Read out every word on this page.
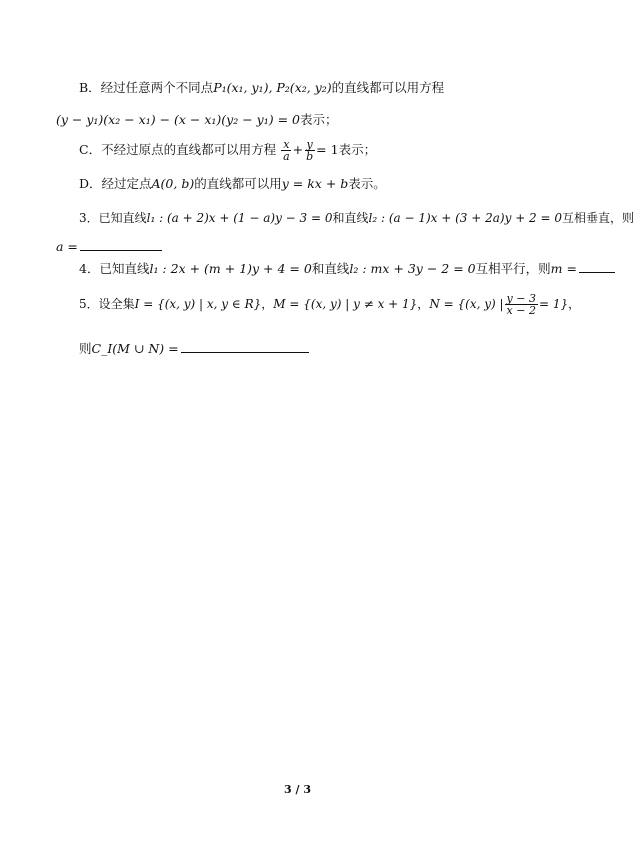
B．经过任意两个不同点P₁(x₁, y₁), P₂(x₂, y₂)的直线都可以用方程
(y − y₁)(x₂ − x₁) − (x − x₁)(y₂ − y₁) = 0表示；
C．不经过原点的直线都可以用方程 $\frac{x}{a} + \frac{y}{b} = 1$表示；
D．经过定点A(0, b)的直线都可以用y = kx + b表示。
3．已知直线l₁ : (a + 2)x + (1 − a)y − 3 = 0和直线l₂ : (a − 1)x + (3 + 2a)y + 2 = 0互相垂直，则
a =
4．已知直线l₁ : 2x + (m + 1)y + 4 = 0和直线l₂ : mx + 3y − 2 = 0互相平行，则m =
5．设全集I = {(x, y) | x, y ∈ R}，M = {(x, y) | y ≠ x + 1}，N = {(x, y) | $\frac{y - 3}{x - 2} = 1$}，
则C_I(M ∪ N) =
3 / 3
